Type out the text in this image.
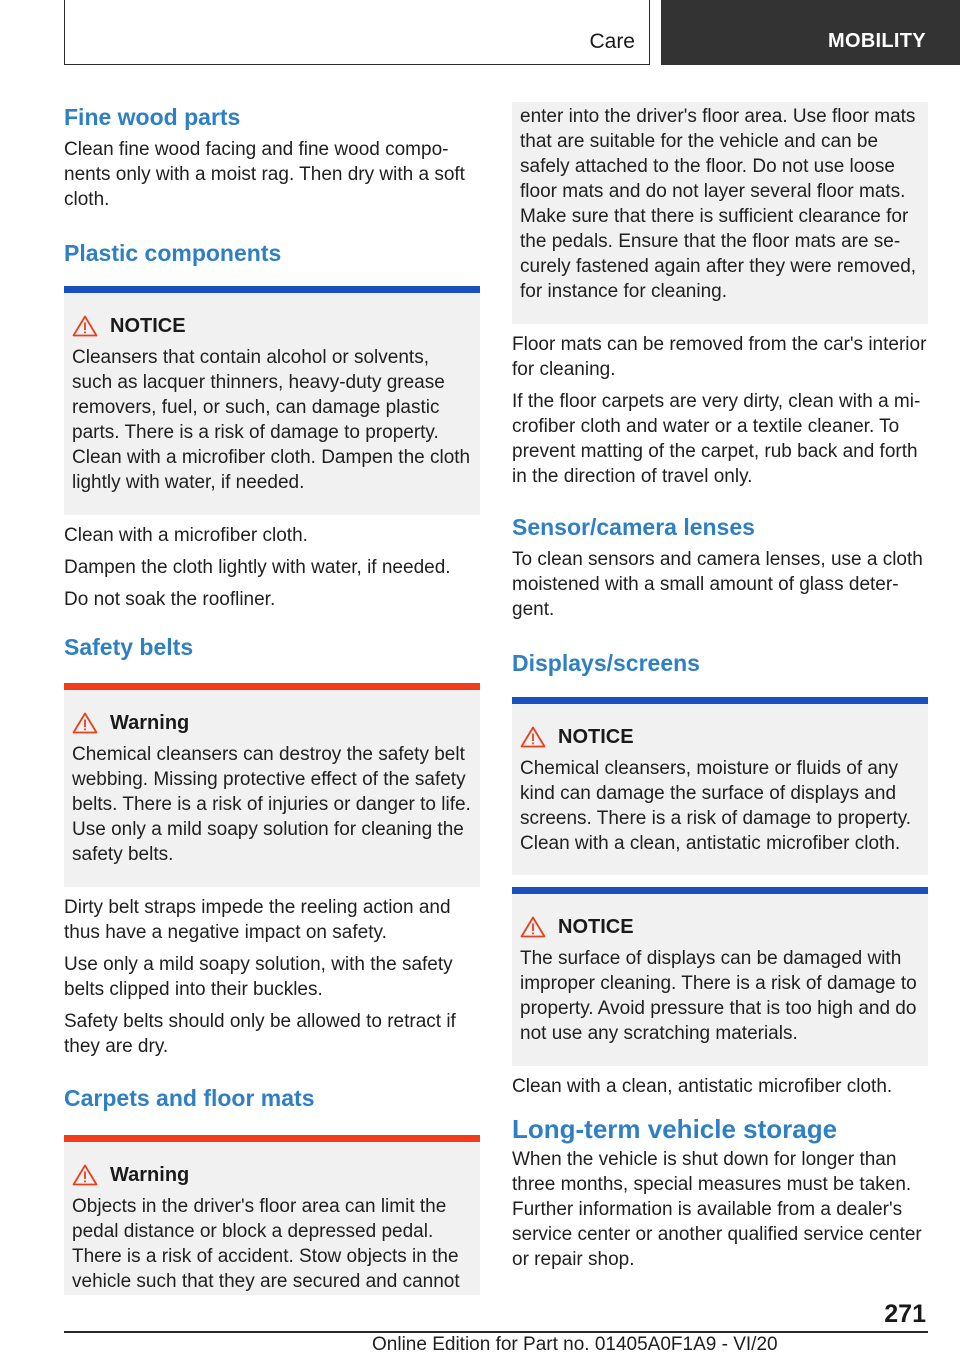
Care	MOBILITY
Fine wood parts

Clean fine wood facing and fine wood components only with a moist rag. Then dry with a soft cloth.

Plastic components
NOTICE
Cleansers that contain alcohol or solvents, such as lacquer thinners, heavy-duty grease removers, fuel, or such, can damage plastic parts. There is a risk of damage to property. Clean with a microfiber cloth. Dampen the cloth lightly with water, if needed.

Clean with a microfiber cloth.

Dampen the cloth lightly with water, if needed.

Do not soak the roofliner.

Safety belts
Warning
Chemical cleansers can destroy the safety belt webbing. Missing protective effect of the safety belts. There is a risk of injuries or danger to life. Use only a mild soapy solution for cleaning the safety belts.

Dirty belt straps impede the reeling action and thus have a negative impact on safety.

Use only a mild soapy solution, with the safety belts clipped into their buckles.

Safety belts should only be allowed to retract if they are dry.

Carpets and floor mats
Warning
Objects in the driver's floor area can limit the pedal distance or block a depressed pedal. There is a risk of accident. Stow objects in the vehicle such that they are secured and cannot
enter into the driver's floor area. Use floor mats that are suitable for the vehicle and can be safely attached to the floor. Do not use loose floor mats and do not layer several floor mats. Make sure that there is sufficient clearance for the pedals. Ensure that the floor mats are securely fastened again after they were removed, for instance for cleaning.

Floor mats can be removed from the car's interior for cleaning.

If the floor carpets are very dirty, clean with a microfiber cloth and water or a textile cleaner. To prevent matting of the carpet, rub back and forth in the direction of travel only.

Sensor/camera lenses

To clean sensors and camera lenses, use a cloth moistened with a small amount of glass detergent.

Displays/screens
NOTICE
Chemical cleansers, moisture or fluids of any kind can damage the surface of displays and screens. There is a risk of damage to property. Clean with a clean, antistatic microfiber cloth.
NOTICE
The surface of displays can be damaged with improper cleaning. There is a risk of damage to property. Avoid pressure that is too high and do not use any scratching materials.

Clean with a clean, antistatic microfiber cloth.

Long-term vehicle storage

When the vehicle is shut down for longer than three months, special measures must be taken. Further information is available from a dealer's service center or another qualified service center or repair shop.

271
Online Edition for Part no. 01405A0F1A9 - VI/20
